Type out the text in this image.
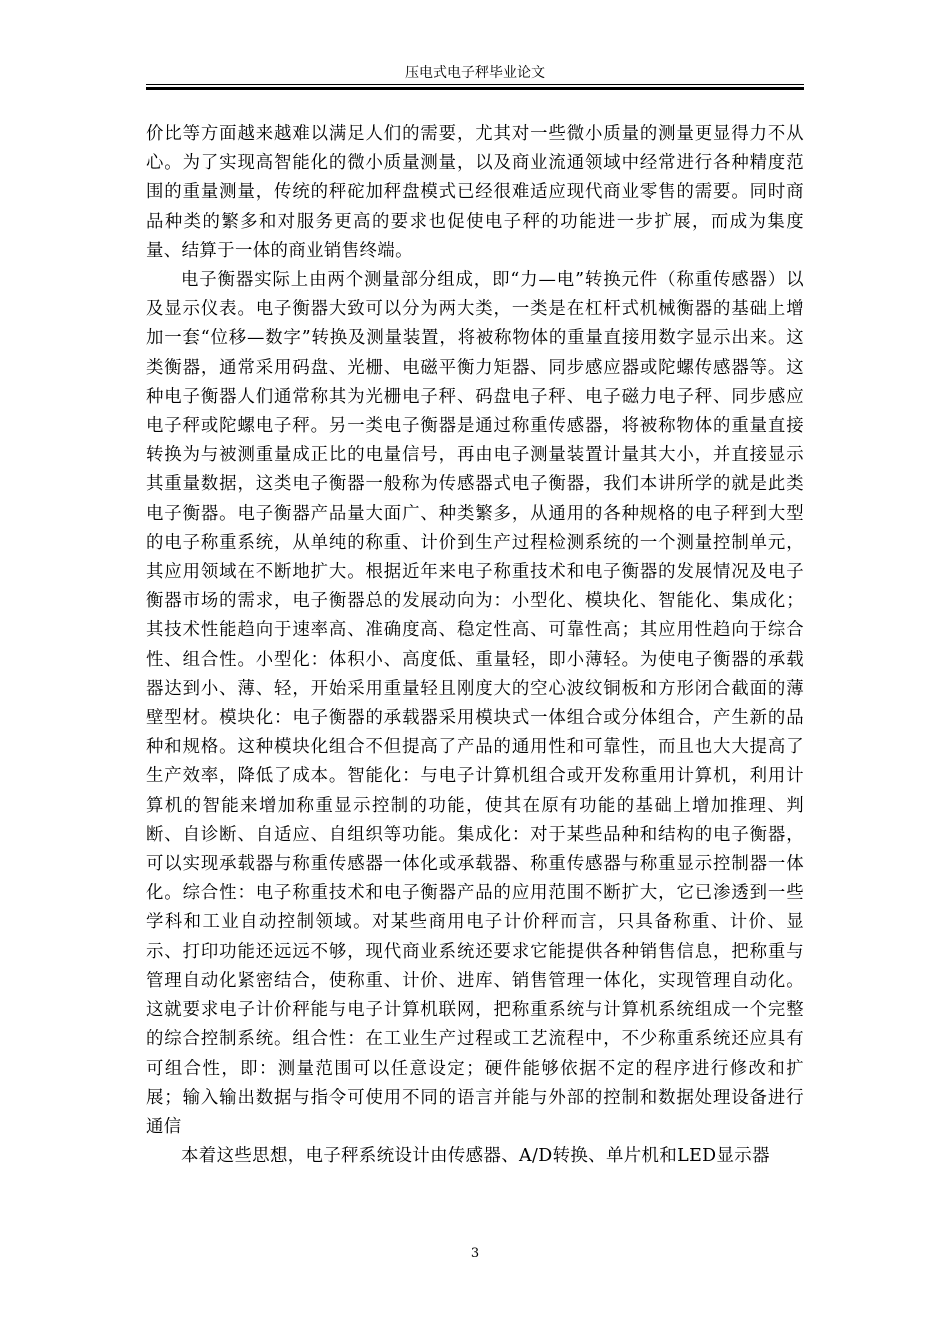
压电式电子秤毕业论文

价比等方面越来越难以满足人们的需要，尤其对一些微小质量的测量更显得力不从心。为了实现高智能化的微小质量测量，以及商业流通领域中经常进行各种精度范围的重量测量，传统的秤砣加秤盘模式已经很难适应现代商业零售的需要。同时商品种类的繁多和对服务更高的要求也促使电子秤的功能进一步扩展，而成为集度量、结算于一体的商业销售终端。

电子衡器实际上由两个测量部分组成，即“力—电”转换元件（称重传感器）以及显示仪表。电子衡器大致可以分为两大类，一类是在杠杆式机械衡器的基础上增加一套“位移—数字”转换及测量装置，将被称物体的重量直接用数字显示出来。这类衡器，通常采用码盘、光栅、电磁平衡力矩器、同步感应器或陀螺传感器等。这种电子衡器人们通常称其为光栅电子秤、码盘电子秤、电子磁力电子秤、同步感应电子秤或陀螺电子秤。另一类电子衡器是通过称重传感器，将被称物体的重量直接转换为与被测重量成正比的电量信号，再由电子测量装置计量其大小，并直接显示其重量数据，这类电子衡器一般称为传感器式电子衡器，我们本讲所学的就是此类电子衡器。电子衡器产品量大面广、种类繁多，从通用的各种规格的电子秤到大型的电子称重系统，从单纯的称重、计价到生产过程检测系统的一个测量控制单元，其应用领域在不断地扩大。根据近年来电子称重技术和电子衡器的发展情况及电子衡器市场的需求，电子衡器总的发展动向为：小型化、模块化、智能化、集成化；其技术性能趋向于速率高、准确度高、稳定性高、可靠性高；其应用性趋向于综合性、组合性。小型化：体积小、高度低、重量轻，即小薄轻。为使电子衡器的承载器达到小、薄、轻，开始采用重量轻且刚度大的空心波纹铜板和方形闭合截面的薄壁型材。模块化：电子衡器的承载器采用模块式一体组合或分体组合，产生新的品种和规格。这种模块化组合不但提高了产品的通用性和可靠性，而且也大大提高了生产效率，降低了成本。智能化：与电子计算机组合或开发称重用计算机，利用计算机的智能来增加称重显示控制的功能，使其在原有功能的基础上增加推理、判断、自诊断、自适应、自组织等功能。集成化：对于某些品种和结构的电子衡器，可以实现承载器与称重传感器一体化或承载器、称重传感器与称重显示控制器一体化。综合性：电子称重技术和电子衡器产品的应用范围不断扩大，它已渗透到一些学科和工业自动控制领域。对某些商用电子计价秤而言，只具备称重、计价、显示、打印功能还远远不够，现代商业系统还要求它能提供各种销售信息，把称重与管理自动化紧密结合，使称重、计价、进库、销售管理一体化，实现管理自动化。这就要求电子计价秤能与电子计算机联网，把称重系统与计算机系统组成一个完整的综合控制系统。组合性：在工业生产过程或工艺流程中，不少称重系统还应具有可组合性，即：测量范围可以任意设定；硬件能够依据不定的程序进行修改和扩展；输入输出数据与指令可使用不同的语言并能与外部的控制和数据处理设备进行通信

本着这些思想，电子秤系统设计由传感器、A/D转换、单片机和LED显示器

3
